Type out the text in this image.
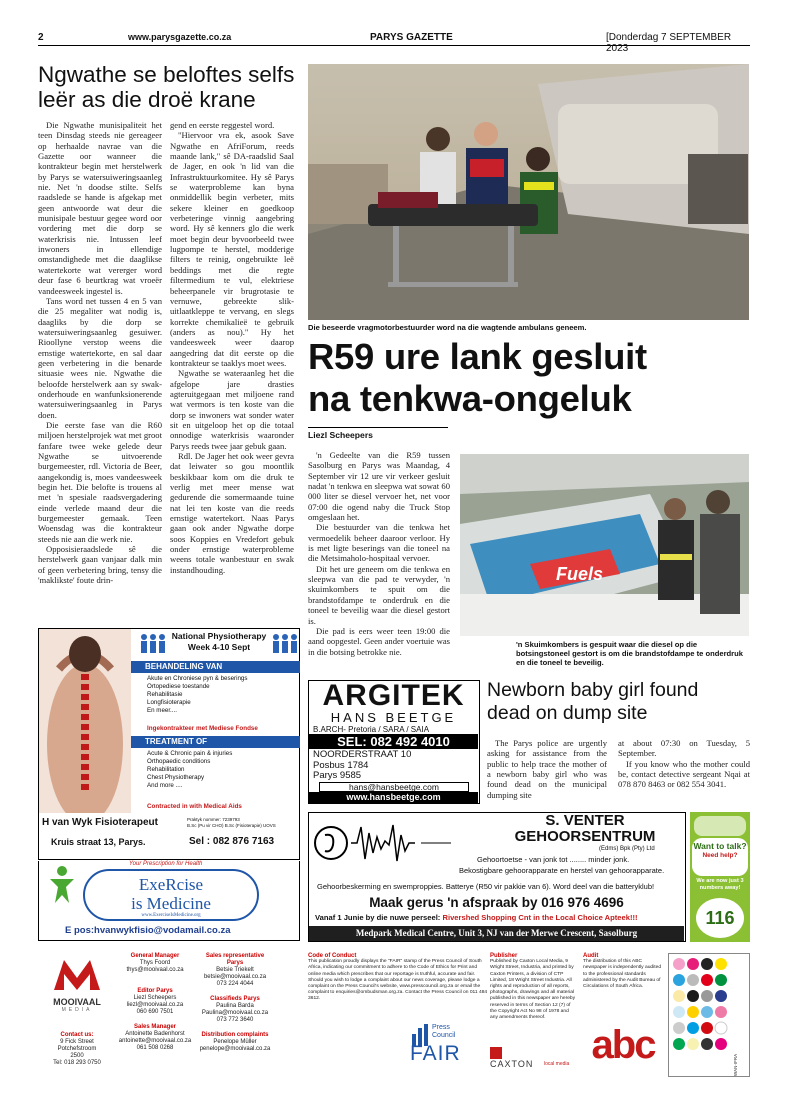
2	www.parysgazette.co.za	PARYS GAZETTE	[Donderdag 7 SEPTEMBER 2023
Ngwathe se beloftes selfs leër as die droë krane

Die Ngwathe munisipaliteit het teen Dinsdag steeds nie gereageer op herhaalde navrae van die Gazette oor wanneer die kontrakteur begin met herstelwerk by Parys se watersuiweringsaanleg nie. Net 'n doodse stilte. Selfs raadslede se hande is afgekap met geen antwoorde wat deur die munisipale bestuur gegee word oor vordering met die dorp se waterkrisis nie. Intussen leef inwoners in ellendige omstandighede met die daaglikse watertekorte wat vererger word deur fase 6 beurtkrag wat vroeër vandeesweek ingestel is.

Tans word net tussen 4 en 5 van die 25 megaliter wat nodig is, daagliks by die dorp se watersuiweringsaanleg gesuiwer. Rioollyne verstop weens die ernstige watertekorte, en sal daar geen verbetering in die benarde situasie wees nie. Ngwathe die beloofde herstelwerk aan sy swak-onderhoude en wanfunksionerende watersuiweringsaanleg in Parys doen.

Die eerste fase van die R60 miljoen herstelprojek wat met groot fanfare twee weke gelede deur Ngwathe se uitvoerende burgemeester, rdl. Victoria de Beer, aangekondig is, moes vandeesweek begin het. Die belofte is trouens al met 'n spesiale raadsvergadering einde verlede maand deur die burgemeester gemaak. Teen Woensdag was die kontrakteur steeds nie aan die werk nie.

Opposisieraadslede sê die herstelwerk gaan vanjaar dalk min of geen verbetering bring, tensy die 'maklikste' foute drin-

gend en eerste reggestel word.

"Hiervoor vra ek, asook Save Ngwathe en AfriForum, reeds maande lank," sê DA-raadslid Saal de Jager, en ook 'n lid van die Infrastruktuurkomitee. Hy sê Parys se waterprobleme kan byna onmiddellik begin verbeter, mits sekere kleiner en goedkoop verbeteringe vinnig aangebring word. Hy sê kenners glo die werk moet begin deur byvoorbeeld twee lugpompe te herstel, modderige filters te reinig, ongebruikte leë beddings met die regte filtermedium te vul, elektriese beheerpanele vir brugrotasie te vernuwe, gebreekte slik-uitlaatkleppe te vervang, en slegs korrekte chemikalieë te gebruik (anders as nou)." Hy het vandeesweek weer daarop aangedring dat dit eerste op die kontrakteur se taaklys moet wees.

Ngwathe se wateraanleg het die afgelope jare drasties agteruitgegaan met miljoene rand wat vermors is ten koste van die dorp se inwoners wat sonder water sit en uitgeloop het op die totaal onnodige waterkrisis waaronder Parys reeds twee jaar gebuk gaan.

Rdl. De Jager het ook weer gevra dat leiwater so gou moontlik beskikbaar kom om die druk te verlig met meer mense wat gedurende die somermaande tuine nat lei ten koste van die reeds ernstige watertekort. Naas Parys gaan ook ander Ngwathe dorpe soos Koppies en Vredefort gebuk onder ernstige waterprobleme weens totale wanbestuur en swak instandhouding.

Die beseerde vragmotorbestuurder word na die wagtende ambulans geneem.
R59 ure lank gesluit
na tenkwa-ongeluk
Liezl Scheepers

'n Gedeelte van die R59 tussen Sasolburg en Parys was Maandag, 4 September vir 12 ure vir verkeer gesluit nadat 'n tenkwa en sleepwa wat sowat 60 000 liter se diesel vervoer het, net voor 07:00 die ogend naby die Truck Stop omgeslaan het.

Die bestuurder van die tenkwa het vermoedelik beheer daaroor verloor. Hy is met ligte beserings van die toneel na die Metsimaholo-hospitaal vervoer.

Dit het ure geneem om die tenkwa en sleepwa van die pad te verwyder, 'n skuimkombers te spuit om die brandstofdampe te onderdruk en die toneel te beveilig waar die diesel gestort is.

Die pad is eers weer teen 19:00 die aand oopgestel. Geen ander voertuie was in die botsing betrokke nie.

Fuels
'n Skuimkombers is gespuit waar die diesel op die botsingstoneel gestort is om die brandstofdampe te onderdruk en die toneel te beveilig.
National Physiotherapy
Week 4-10 Sept
BEHANDELING VAN
Akute en Chroniese pyn & beserings
Ortopediese toestande
Rehabilitasie
Longfisioterapie
En meer....
Ingekontrakteer met Mediese Fondse
TREATMENT OF
Acute & Chronic pain & injuries
Orthopaedic conditions
Rehabilitation
Chest Physiotherapy
And more ....
Contracted in with Medical Aids
H van Wyk Fisioterapeut	Praktyk nommer: 7239793
B.Sc (Pu vir CHO) B.Sc (Fisioterapie) UOVS
Kruis straat 13, Parys.	Sel : 082 876 7163
Your Prescription for Health
ExeRcise
is Medicine
www.ExerciseIsMedicine.org
E pos:hvanwykfisio@vodamail.co.za
ARGITEK
HANS BEETGE
B.ARCH- Pretoria / SARA / SAIA
SEL: 082 492 4010
NOORDERSTRAAT 10
Posbus 1784
Parys 9585
hans@hansbeetge.com
www.hansbeetge.com
Newborn baby girl found
dead on dump site
The Parys police are urgently asking for assistance from the public to help trace the mother of a newborn baby girl who was found dead on the municipal dumping site
at about 07:30 on Tuesday, 5 September.
If you know who the mother could be, contact detective sergeant Nqai at 078 870 8463 or 082 554 3041.
S. VENTER
GEHOORSENTRUM
(Edms) Bpk (Pty) Ltd
Gehoortoetse - van jonk tot ........ minder jonk.
Bekostigbare gehoorapparate en herstel van gehoorapparate.
Gehoorbeskerming en swemproppies. Batterye (R50 vir pakkie van 6). Word deel van die batteryklub!
Maak gerus 'n afspraak by 016 976 4696
Vanaf 1 Junie by die nuwe perseel: Rivershed Shopping Cnt in the Local Choice Apteek!!!
Medpark Medical Centre, Unit 3, NJ van der Merwe Crescent, Sasolburg
Want to talk?
Need help?
We are now just 3 numbers away!
116
MOOIVAAL
MEDIA
Contact us:
9 Fick Street
Potchefstroom
2500
Tel: 018 293 0750
General Manager
Thys Foord
thys@mooivaal.co.za
Editor Parys
Liezl Scheepers
liezl@mooivaal.co.za
060 690 7501
Sales Manager
Antoinette Badenhorst
antoinette@mooivaal.co.za
061 508 0268
Sales representative Parys
Betsie Triekelt
betsie@mooivaal.co.za
073 224 4044
Classifieds Parys
Paulina Barda
Paulina@mooivaal.co.za
073 772 3640
Distribution complaints
Penelope Müller
penelope@mooivaal.co.za
Code of Conduct
This publication proudly displays the "FAIR" stamp of the Press Council of South Africa, indicating our commitment to adhere to the Code of Ethics for Print and online media which prescribes that our reportage is truthful, accurate and fair. Should you wish to lodge a complaint about our news coverage, please lodge a complaint on the Press Council's website, www.presscouncil.org.za or email the complaint to enquiries@ombudsman.org.za. Contact the Press Council on 011 484 3612.
Press
Council
FAIR
Publisher
Published by Caxton Local Media, 9 Wright Street, Industria, and printed by Caxton Printers, a division of CTP Limited, 18 Wright Street Industria. All rights and reproduction of all reports, photographs, drawings and all material published in this newspaper are hereby reserved in terms of Section 12 (7) of the Copyright Act No 98 of 1978 and any amendments thereof.
CAXTON local media
Audit
The distribution of this ABC newspaper is independently audited to the professional standards administered by the Audit Bureau of Circulations of South Africa.
abc	WAN-IFRA
